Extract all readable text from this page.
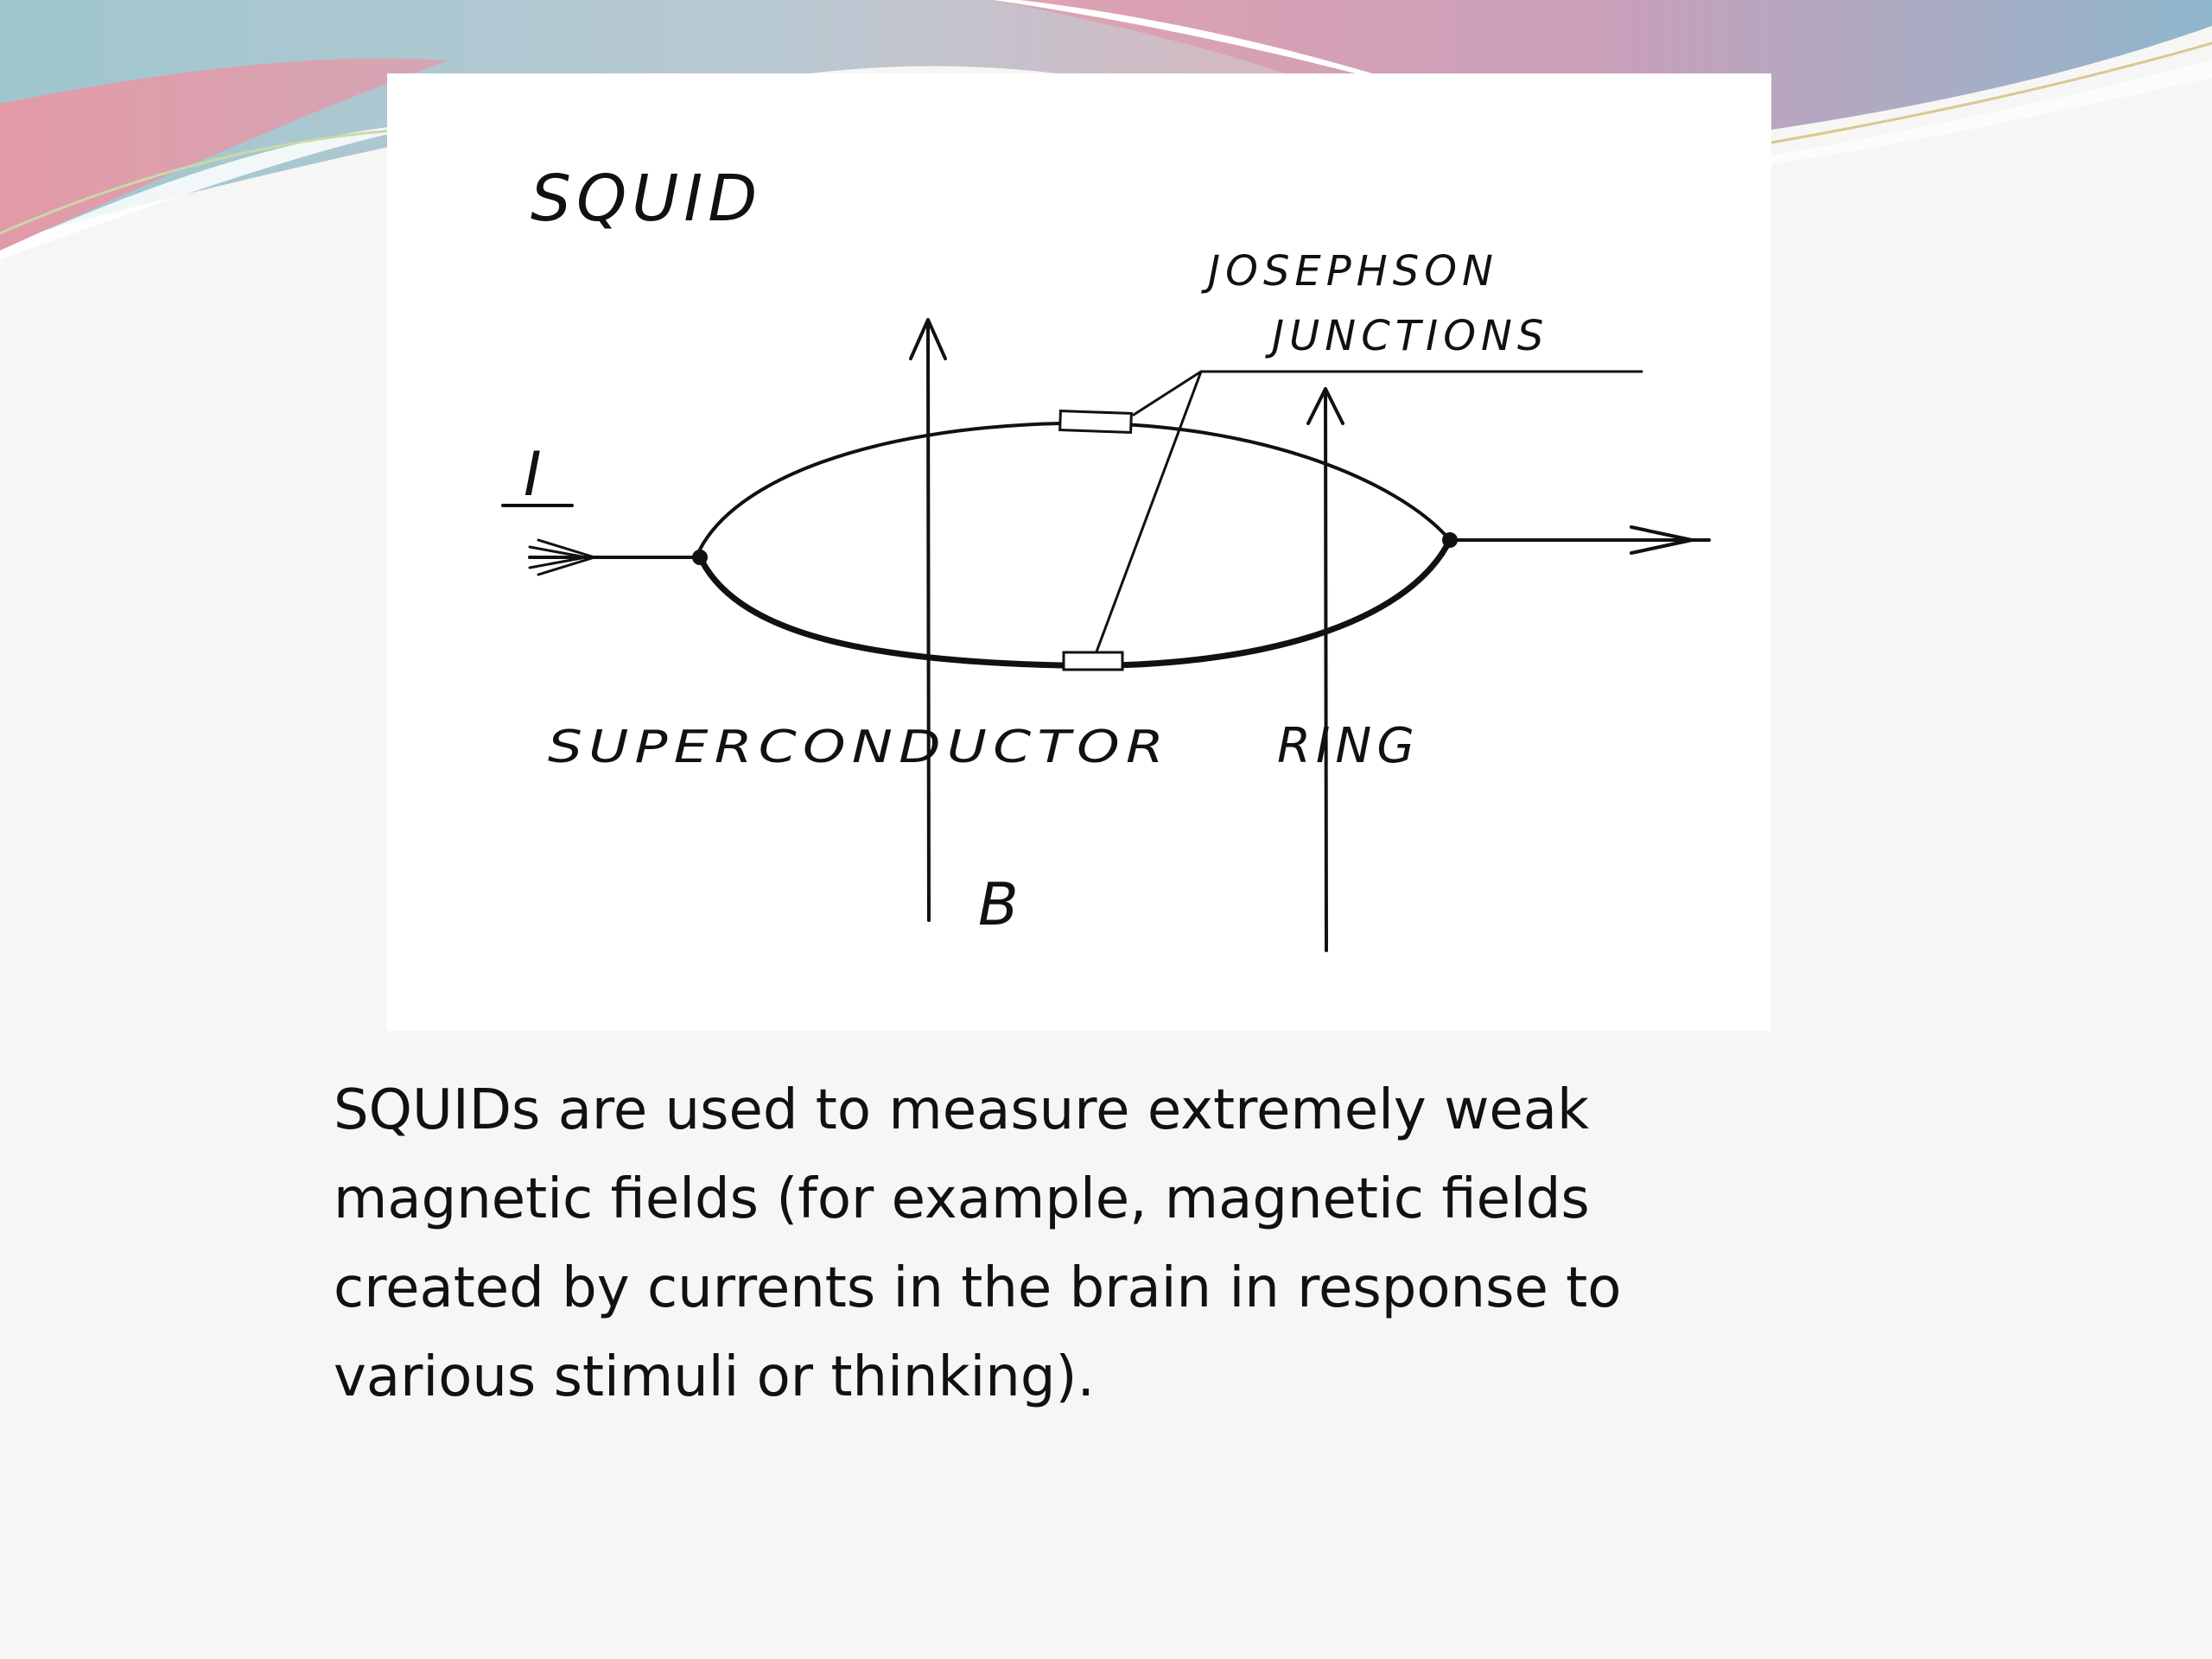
SQUID
JOSEPHSON
JUNCTIONS
I
SUPERCONDUCTOR RING
B

SQUIDs are used to measure extremely weak
magnetic fields (for example, magnetic fields
created by currents in the brain in response to
various stimuli or thinking).
